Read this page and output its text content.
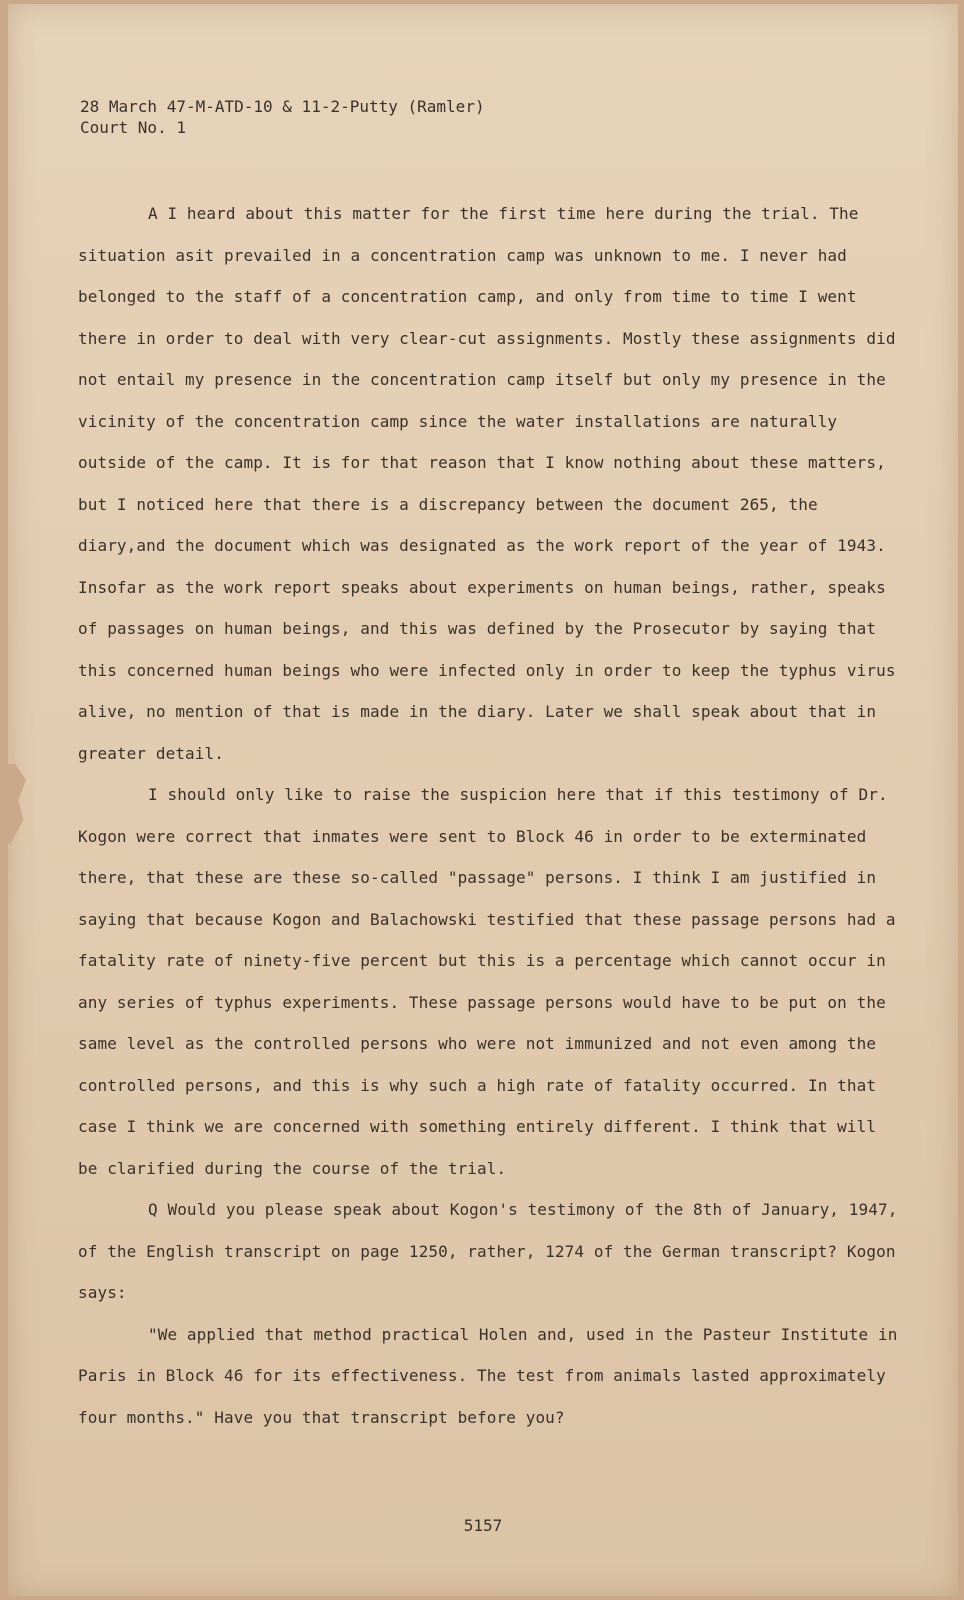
28 March 47-M-ATD-10 & 11-2-Putty (Ramler)
Court No. 1

A I heard about this matter for the first time here during the trial. The situation asit prevailed in a concentration camp was unknown to me. I never had belonged to the staff of a concentration camp, and only from time to time I went there in order to deal with very clear-cut assignments. Mostly these assignments did not entail my presence in the concentration camp itself but only my presence in the vicinity of the concentration camp since the water installations are naturally outside of the camp. It is for that reason that I know nothing about these matters, but I noticed here that there is a discrepancy between the document 265, the diary,and the document which was designated as the work report of the year of 1943. Insofar as the work report speaks about experiments on human beings, rather, speaks of passages on human beings, and this was defined by the Prosecutor by saying that this concerned human beings who were infected only in order to keep the typhus virus alive, no mention of that is made in the diary. Later we shall speak about that in greater detail.

I should only like to raise the suspicion here that if this testimony of Dr. Kogon were correct that inmates were sent to Block 46 in order to be exterminated there, that these are these so-called "passage" persons. I think I am justified in saying that because Kogon and Balachowski testified that these passage persons had a fatality rate of ninety-five percent but this is a percentage which cannot occur in any series of typhus experiments. These passage persons would have to be put on the same level as the controlled persons who were not immunized and not even among the controlled persons, and this is why such a high rate of fatality occurred. In that case I think we are concerned with something entirely different. I think that will be clarified during the course of the trial.

Q Would you please speak about Kogon's testimony of the 8th of January, 1947, of the English transcript on page 1250, rather, 1274 of the German transcript? Kogon says:

"We applied that method practical Holen and, used in the Pasteur Institute in Paris in Block 46 for its effectiveness. The test from animals lasted approximately four months." Have you that transcript before you?

5157
